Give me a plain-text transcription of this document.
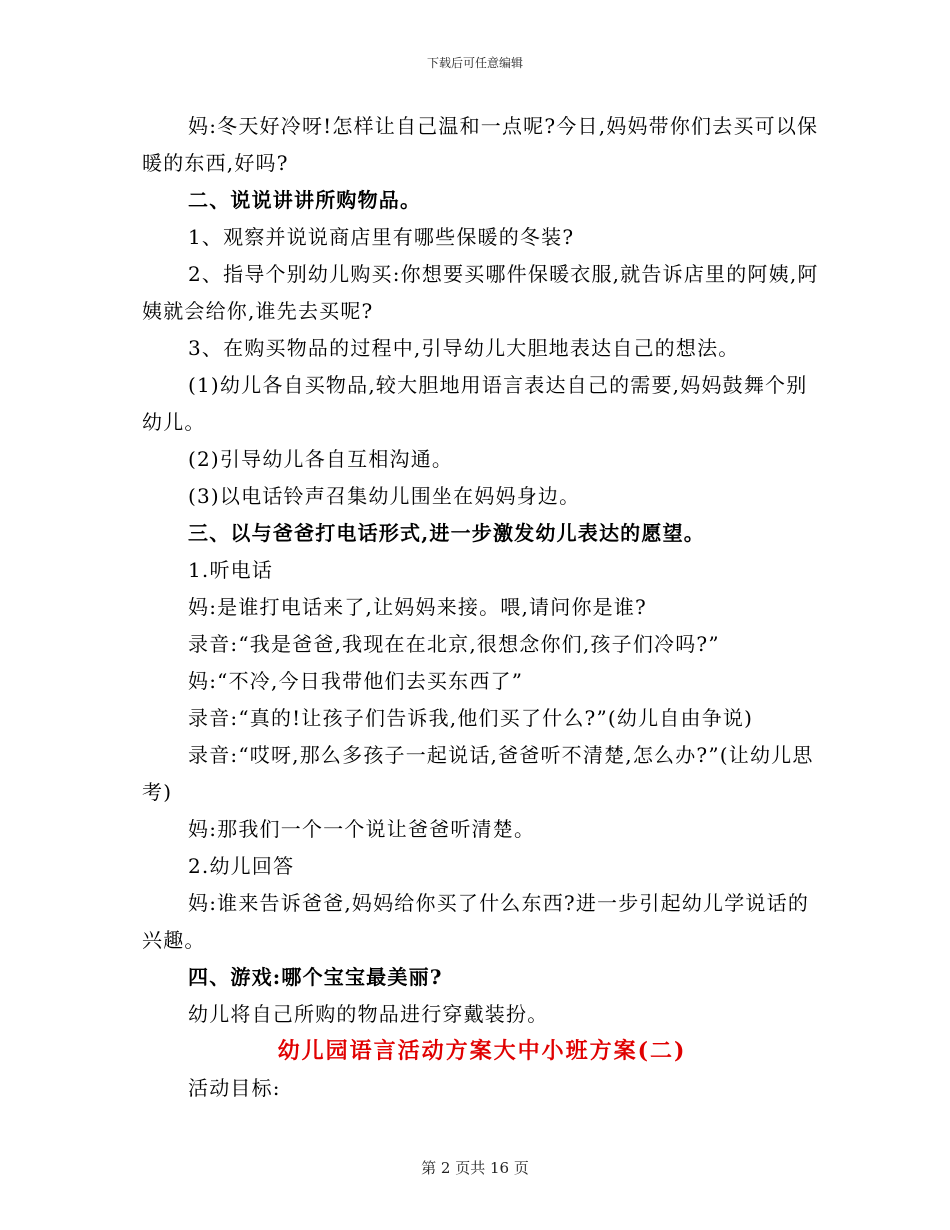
下载后可任意编辑

妈:冬天好冷呀!怎样让自己温和一点呢?今日,妈妈带你们去买可以保暖的东西,好吗?

二、说说讲讲所购物品。

1、观察并说说商店里有哪些保暖的冬装?

2、指导个别幼儿购买:你想要买哪件保暖衣服,就告诉店里的阿姨,阿姨就会给你,谁先去买呢?

3、在购买物品的过程中,引导幼儿大胆地表达自己的想法。

(1)幼儿各自买物品,较大胆地用语言表达自己的需要,妈妈鼓舞个别幼儿。

(2)引导幼儿各自互相沟通。

(3)以电话铃声召集幼儿围坐在妈妈身边。

三、以与爸爸打电话形式,进一步激发幼儿表达的愿望。

1.听电话

妈:是谁打电话来了,让妈妈来接。喂,请问你是谁?

录音:“我是爸爸,我现在在北京,很想念你们,孩子们冷吗?”

妈:“不冷,今日我带他们去买东西了”

录音:“真的!让孩子们告诉我,他们买了什么?”(幼儿自由争说)

录音:“哎呀,那么多孩子一起说话,爸爸听不清楚,怎么办?”(让幼儿思考)

妈:那我们一个一个说让爸爸听清楚。

2.幼儿回答

妈:谁来告诉爸爸,妈妈给你买了什么东西?进一步引起幼儿学说话的兴趣。

四、游戏:哪个宝宝最美丽?

幼儿将自己所购的物品进行穿戴装扮。

幼儿园语言活动方案大中小班方案(二)

活动目标:

第 2 页共 16 页
